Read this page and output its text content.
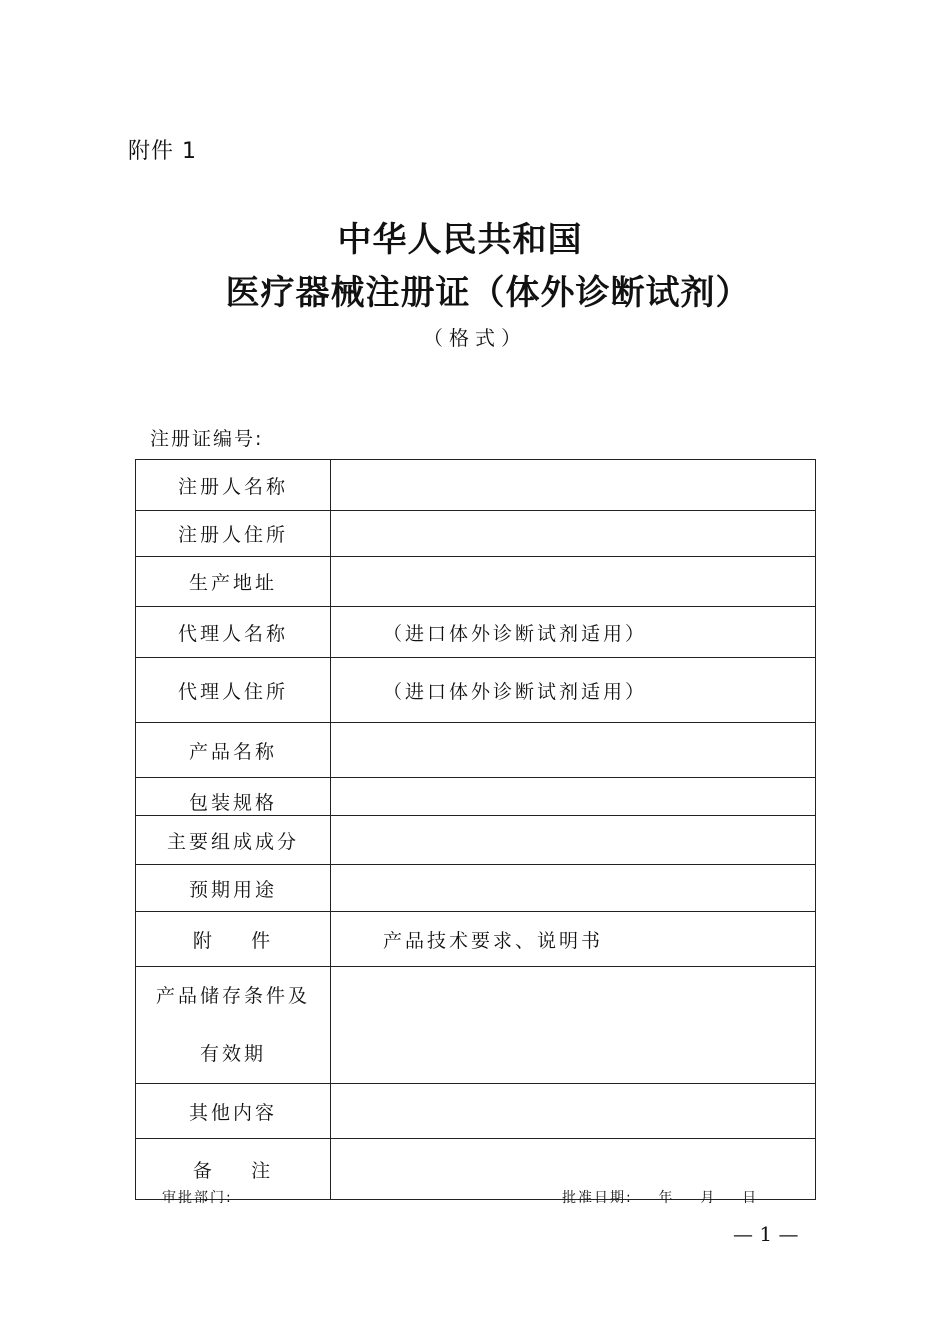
附件 1
中华人民共和国
医疗器械注册证（体外诊断试剂）
（格式）
注册证编号:
注册人名称	
注册人住所	
生产地址	
代理人名称	（进口体外诊断试剂适用）
代理人住所	（进口体外诊断试剂适用）
产品名称	
包装规格	
主要组成成分	
预期用途	
附    件	产品技术要求、说明书

产品储存条件及
有效期	

其他内容	
备    注	
审批部门:	批准日期:    年    月    日
— 1 —
